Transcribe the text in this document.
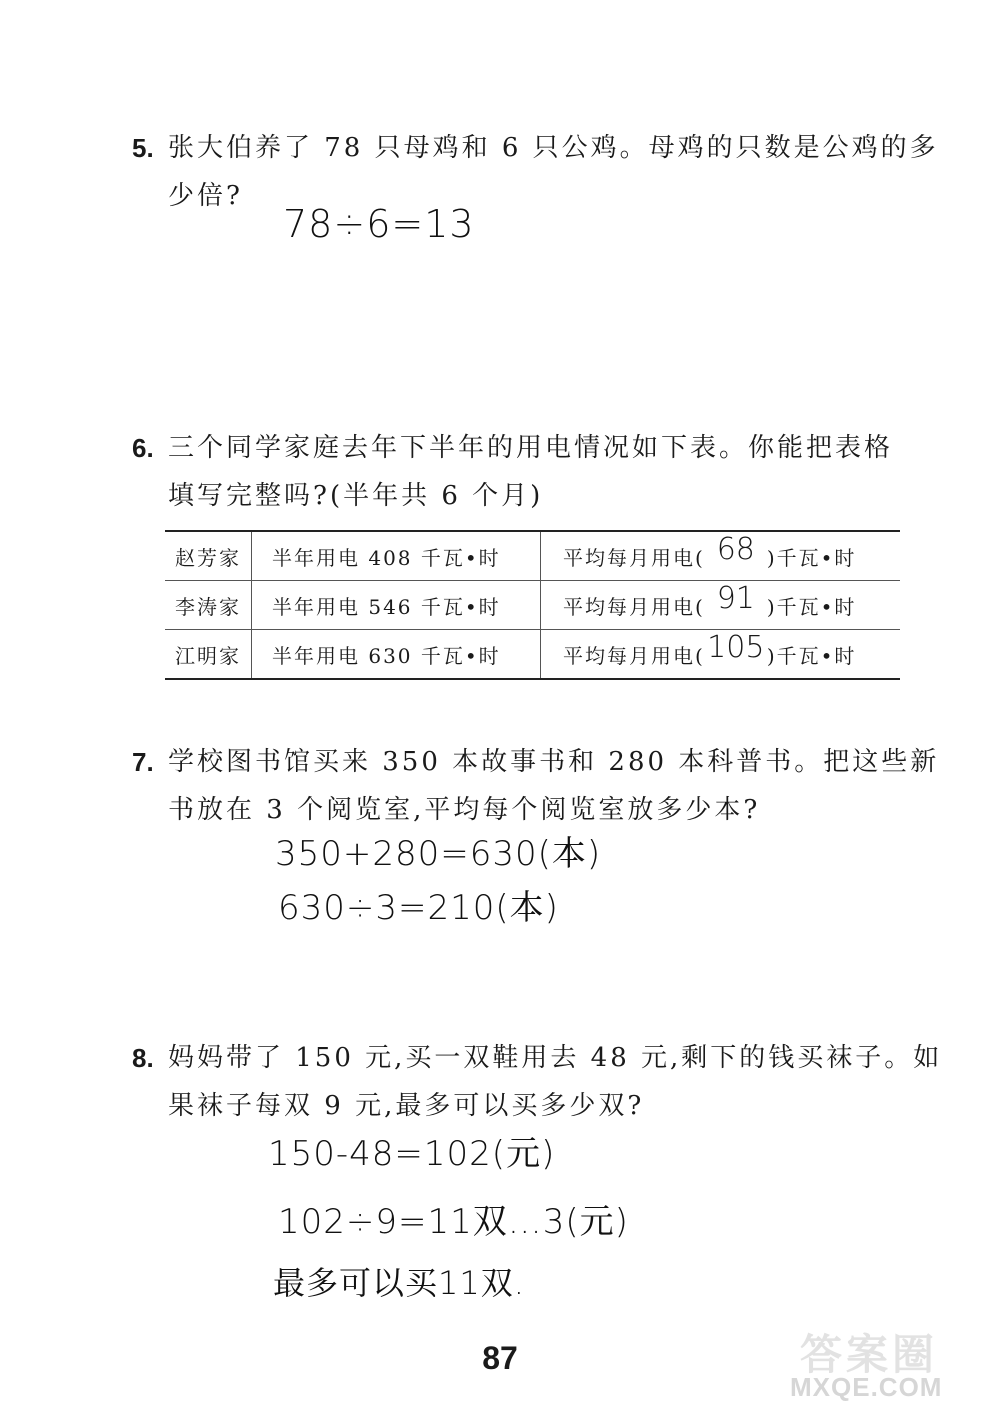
5. 张大伯养了 78 只母鸡和 6 只公鸡。母鸡的只数是公鸡的多
少倍?
78÷6=13
6. 三个同学家庭去年下半年的用电情况如下表。你能把表格
填写完整吗?(半年共 6 个月)
赵芳家	半年用电 408 千瓦•时	平均每月用电( 68 )千瓦•时
李涛家	半年用电 546 千瓦•时	平均每月用电( 91 )千瓦•时
江明家	半年用电 630 千瓦•时	平均每月用电( 105 )千瓦•时
7. 学校图书馆买来 350 本故事书和 280 本科普书。把这些新
书放在 3 个阅览室,平均每个阅览室放多少本?
350+280=630(本)
630÷3=210(本)
8. 妈妈带了 150 元,买一双鞋用去 48 元,剩下的钱买袜子。如
果袜子每双 9 元,最多可以买多少双?
150-48=102(元)
102÷9=11双…3(元)
最多可以买11双.
87	答案圈
MXQE.COM
